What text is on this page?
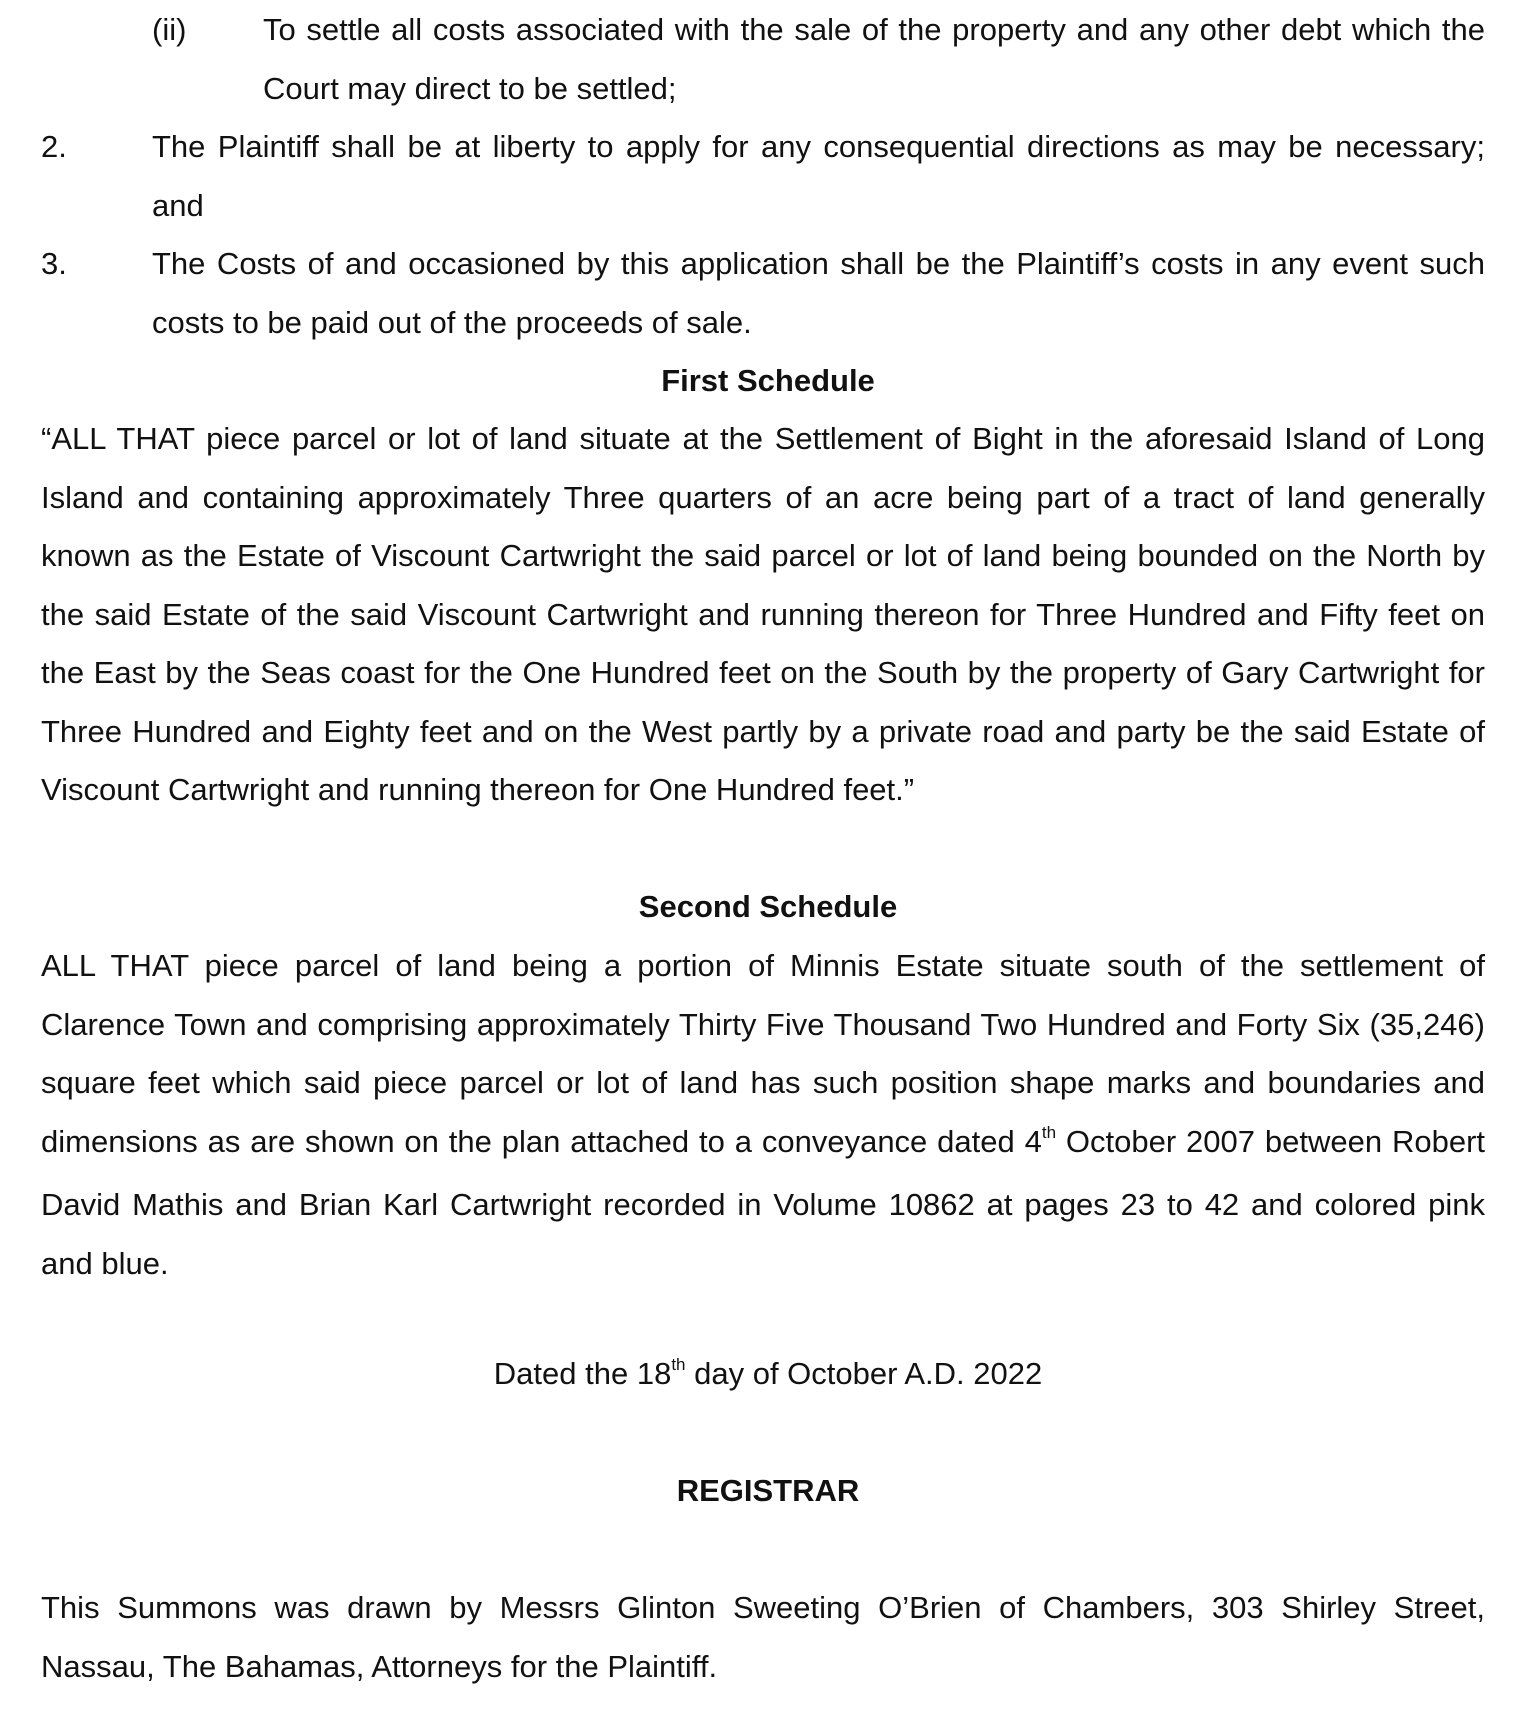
(ii) To settle all costs associated with the sale of the property and any other debt which the Court may direct to be settled;
2.	The Plaintiff shall be at liberty to apply for any consequential directions as may be necessary; and
3.	The Costs of and occasioned by this application shall be the Plaintiff’s costs in any event such costs to be paid out of the proceeds of sale.
First Schedule
“ALL THAT piece parcel or lot of land situate at the Settlement of Bight in the aforesaid Island of Long Island and containing approximately Three quarters of an acre being part of a tract of land generally known as the Estate of Viscount Cartwright the said parcel or lot of land being bounded on the North by the said Estate of the said Viscount Cartwright and running thereon for Three Hundred and Fifty feet on the East by the Seas coast for the One Hundred feet on the South by the property of Gary Cartwright for Three Hundred and Eighty feet and on the West partly by a private road and party be the said Estate of Viscount Cartwright and running thereon for One Hundred feet.”
Second Schedule
ALL THAT piece parcel of land being a portion of Minnis Estate situate south of the settlement of Clarence Town and comprising approximately Thirty Five Thousand Two Hundred and Forty Six (35,246) square feet which said piece parcel or lot of land has such position shape marks and boundaries and dimensions as are shown on the plan attached to a conveyance dated 4th October 2007 between Robert David Mathis and Brian Karl Cartwright recorded in Volume 10862 at pages 23 to 42 and colored pink and blue.
Dated the 18th day of October A.D. 2022
REGISTRAR
This Summons was drawn by Messrs Glinton Sweeting O’Brien of Chambers, 303 Shirley Street, Nassau, The Bahamas, Attorneys for the Plaintiff.
